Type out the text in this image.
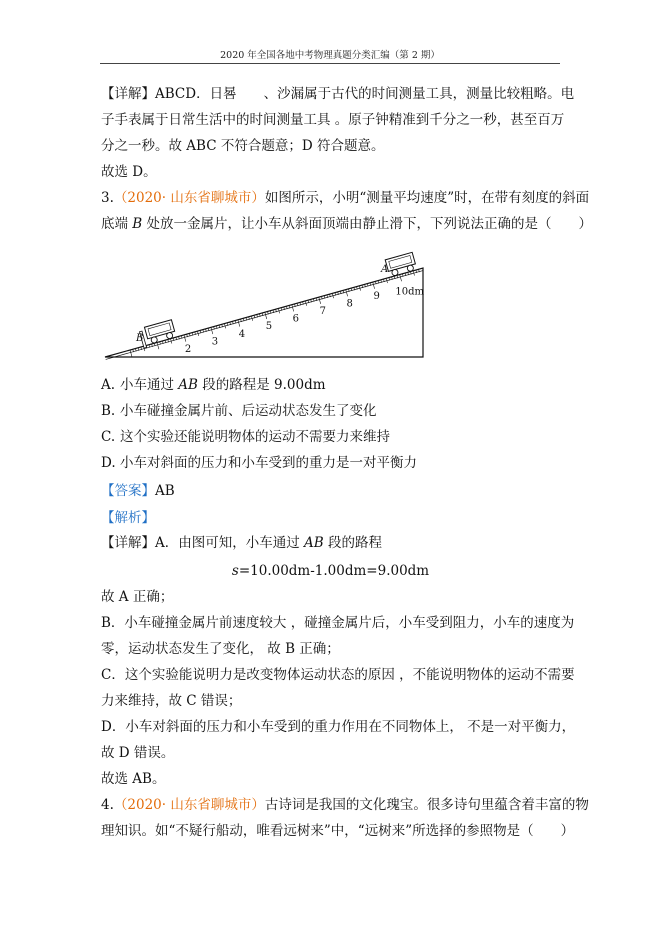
2020 年全国各地中考物理真题分类汇编（第 2 期）
【详解】ABCD．日晷　　、沙漏属于古代的时间测量工具，测量比较粗略。电
子手表属于日常生活中的时间测量工具 。原子钟精准到千分之一秒，甚至百万
分之一秒。故 ABC 不符合题意；D 符合题意。
故选 D。
3.（2020· 山东省聊城市）如图所示，小明“测量平均速度”时，在带有刻度的斜面
底端 B 处放一金属片，让小车从斜面顶端由静止滑下，下列说法正确的是（　　）
2
3
4
5
6
7
8
9 10dm
A
B
A. 小车通过 AB 段的路程是 9.00dm
B. 小车碰撞金属片前、后运动状态发生了变化
C. 这个实验还能说明物体的运动不需要力来维持
D. 小车对斜面的压力和小车受到的重力是一对平衡力
【答案】AB
【解析】
【详解】A．由图可知，小车通过 AB 段的路程
s=10.00dm-1.00dm=9.00dm
故 A 正确；
B．小车碰撞金属片前速度较大 ，碰撞金属片后，小车受到阻力，小车的速度为
零，运动状态发生了变化， 故 B 正确；
C．这个实验能说明力是改变物体运动状态的原因 ，不能说明物体的运动不需要
力来维持，故 C 错误；
D．小车对斜面的压力和小车受到的重力作用在不同物体上， 不是一对平衡力，
故 D 错误。
故选 AB。
4.（2020· 山东省聊城市）古诗词是我国的文化瑰宝。很多诗句里蕴含着丰富的物
理知识。如“不疑行船动，唯看远树来”中，“远树来”所选择的参照物是（　　）
